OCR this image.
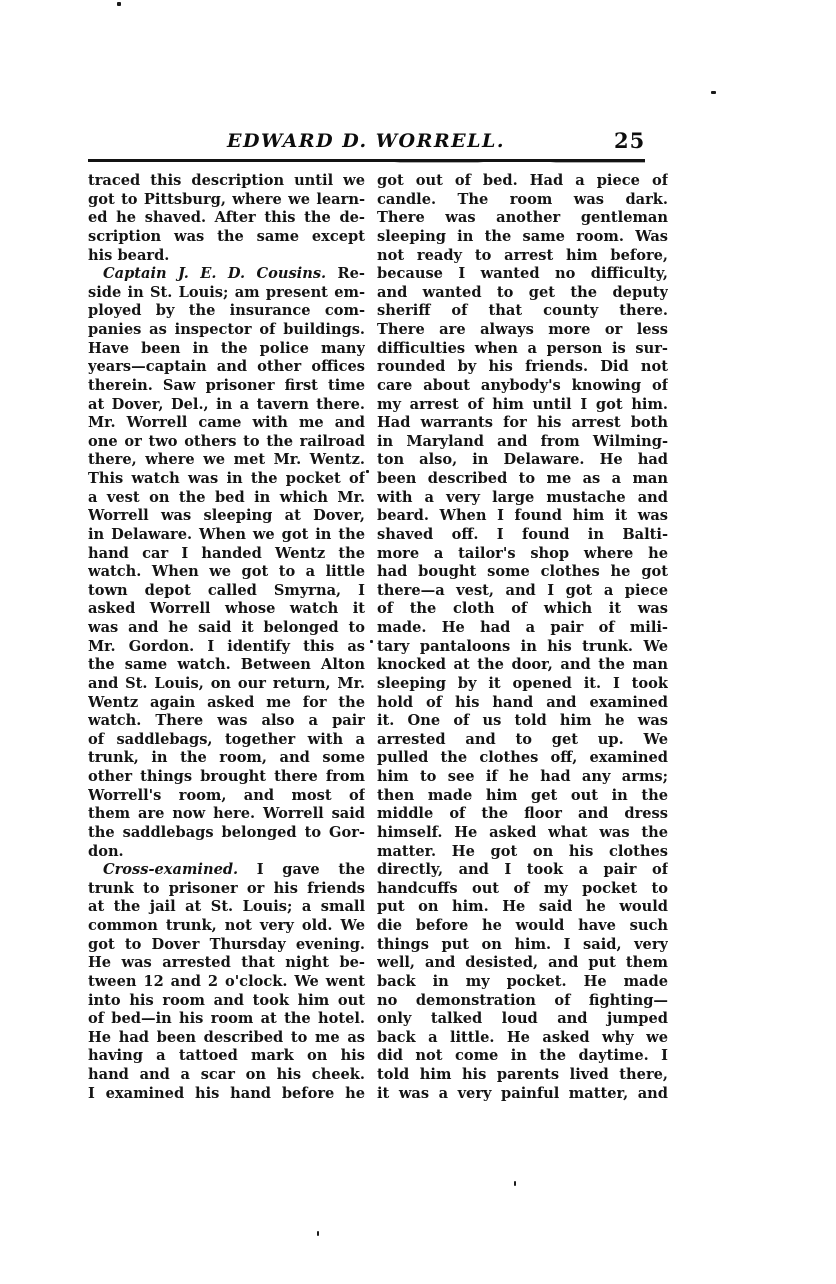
EDWARD D. WORRELL.	25
traced this description until we
got to Pittsburg, where we learn-
ed he shaved. After this the de-
scription was the same except
his beard.
Captain J. E. D. Cousins. Re-
side in St. Louis; am present em-
ployed by the insurance com-
panies as inspector of buildings.
Have been in the police many
years—captain and other offices
therein. Saw prisoner first time
at Dover, Del., in a tavern there.
Mr. Worrell came with me and
one or two others to the railroad
there, where we met Mr. Wentz.
This watch was in the pocket of
a vest on the bed in which Mr.
Worrell was sleeping at Dover,
in Delaware. When we got in the
hand car I handed Wentz the
watch. When we got to a little
town depot called Smyrna, I
asked Worrell whose watch it
was and he said it belonged to
Mr. Gordon. I identify this as
the same watch. Between Alton
and St. Louis, on our return, Mr.
Wentz again asked me for the
watch. There was also a pair
of saddlebags, together with a
trunk, in the room, and some
other things brought there from
Worrell's room, and most of
them are now here. Worrell said
the saddlebags belonged to Gor-
don.
Cross-examined. I gave the
trunk to prisoner or his friends
at the jail at St. Louis; a small
common trunk, not very old. We
got to Dover Thursday evening.
He was arrested that night be-
tween 12 and 2 o'clock. We went
into his room and took him out
of bed—in his room at the hotel.
He had been described to me as
having a tattoed mark on his
hand and a scar on his cheek.
I examined his hand before he
got out of bed. Had a piece of
candle. The room was dark.
There was another gentleman
sleeping in the same room. Was
not ready to arrest him before,
because I wanted no difficulty,
and wanted to get the deputy
sheriff of that county there.
There are always more or less
difficulties when a person is sur-
rounded by his friends. Did not
care about anybody's knowing of
my arrest of him until I got him.
Had warrants for his arrest both
in Maryland and from Wilming-
ton also, in Delaware. He had
been described to me as a man
with a very large mustache and
beard. When I found him it was
shaved off. I found in Balti-
more a tailor's shop where he
had bought some clothes he got
there—a vest, and I got a piece
of the cloth of which it was
made. He had a pair of mili-
tary pantaloons in his trunk. We
knocked at the door, and the man
sleeping by it opened it. I took
hold of his hand and examined
it. One of us told him he was
arrested and to get up. We
pulled the clothes off, examined
him to see if he had any arms;
then made him get out in the
middle of the floor and dress
himself. He asked what was the
matter. He got on his clothes
directly, and I took a pair of
handcuffs out of my pocket to
put on him. He said he would
die before he would have such
things put on him. I said, very
well, and desisted, and put them
back in my pocket. He made
no demonstration of fighting—
only talked loud and jumped
back a little. He asked why we
did not come in the daytime. I
told him his parents lived there,
it was a very painful matter, and
